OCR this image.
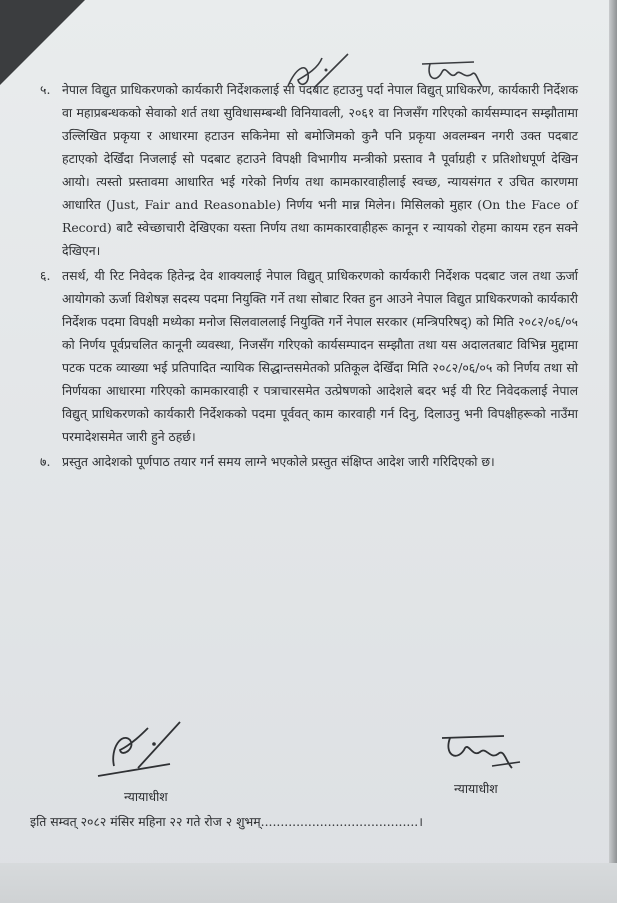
५. नेपाल विद्युत प्राधिकरणको कार्यकारी निर्देशकलाई सो पदबाट हटाउनु पर्दा नेपाल विद्युत् प्राधिकरण, कार्यकारी निर्देशक वा महाप्रबन्धकको सेवाको शर्त तथा सुविधासम्बन्धी विनियावली, २०६१ वा निजसँग गरिएको कार्यसम्पादन सम्झौतामा उल्लिखित प्रकृया र आधारमा हटाउन सकिनेमा सो बमोजिमको कुनै पनि प्रकृया अवलम्बन नगरी उक्त पदबाट हटाएको देखिँदा निजलाई सो पदबाट हटाउने विपक्षी विभागीय मन्त्रीको प्रस्ताव नै पूर्वाग्रही र प्रतिशोधपूर्ण देखिन आयो। त्यस्तो प्रस्तावमा आधारित भई गरेको निर्णय तथा कामकारवाहीलाई स्वच्छ, न्यायसंगत र उचित कारणमा आधारित (Just, Fair and Reasonable) निर्णय भनी मान्न मिलेन। मिसिलको मुहार (On the Face of Record) बाटै स्वेच्छाचारी देखिएका यस्ता निर्णय तथा कामकारवाहीहरू कानून र न्यायको रोहमा कायम रहन सक्ने देखिएन।
६. तसर्थ, यी रिट निवेदक हितेन्द्र देव शाक्यलाई नेपाल विद्युत् प्राधिकरणको कार्यकारी निर्देशक पदबाट जल तथा ऊर्जा आयोगको ऊर्जा विशेषज्ञ सदस्य पदमा नियुक्ति गर्ने तथा सोबाट रिक्त हुन आउने नेपाल विद्युत प्राधिकरणको कार्यकारी निर्देशक पदमा विपक्षी मध्येका मनोज सिलवाललाई नियुक्ति गर्ने नेपाल सरकार (मन्त्रिपरिषद्) को मिति २०८२/०६/०५ को निर्णय पूर्वप्रचलित कानूनी व्यवस्था, निजसँग गरिएको कार्यसम्पादन सम्झौता तथा यस अदालतबाट विभिन्न मुद्दामा पटक पटक व्याख्या भई प्रतिपादित न्यायिक सिद्धान्तसमेतको प्रतिकूल देखिँदा मिति २०८२/०६/०५ को निर्णय तथा सो निर्णयका आधारमा गरिएको कामकारवाही र पत्राचारसमेत उत्प्रेषणको आदेशले बदर भई यी रिट निवेदकलाई नेपाल विद्युत् प्राधिकरणको कार्यकारी निर्देशकको पदमा पूर्ववत् काम कारवाही गर्न दिनु, दिलाउनु भनी विपक्षीहरूको नाउँमा परमादेशसमेत जारी हुने ठहर्छ।
७. प्रस्तुत आदेशको पूर्णपाठ तयार गर्न समय लाग्ने भएकोले प्रस्तुत संक्षिप्त आदेश जारी गरिदिएको छ।
न्यायाधीश
न्यायाधीश
इति सम्वत् २०८२ मंसिर महिना २२ गते रोज २ शुभम्........................................।
